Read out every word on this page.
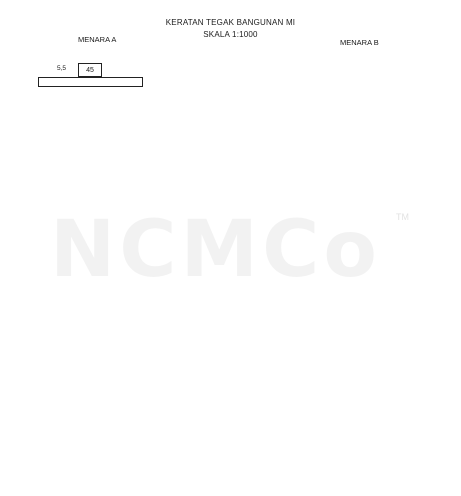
KERATAN TEGAK BANGUNAN MI
SKALA 1:1000
MENARA A	MENARA B
NCMCo TM
45
5,5
